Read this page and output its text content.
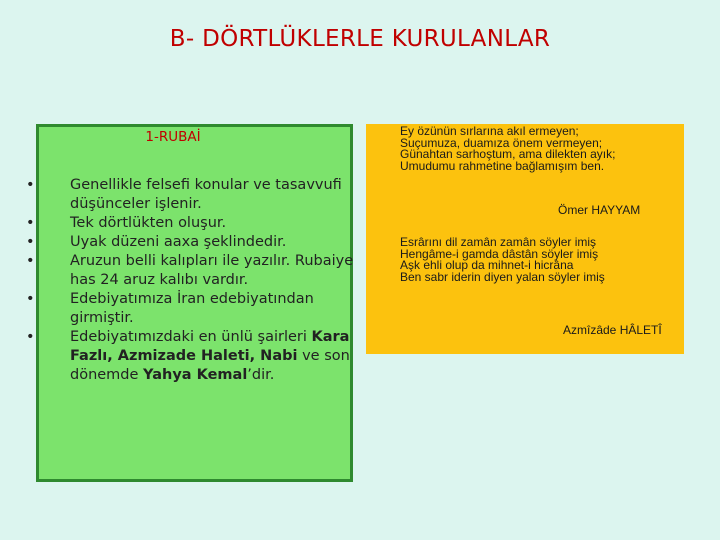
B- DÖRTLÜKLERLE KURULANLAR
1-RUBAİ
• Genellikle felsefi konular ve tasavvufi düşünceler işlenir.
• Tek dörtlükten oluşur.
• Uyak düzeni aaxa şeklindedir.
• Aruzun belli kalıpları ile yazılır. Rubaiye has 24 aruz kalıbı vardır.
• Edebiyatımıza İran edebiyatından girmiştir.
• Edebiyatımızdaki en ünlü şairleri Kara Fazlı, Azmizade Haleti, Nabi ve son dönemde Yahya Kemal’dir.
Ey özünün sırlarına akıl ermeyen;
Suçumuza, duamıza önem vermeyen;
Günahtan sarhoştum, ama dilekten ayık;
Umudumu rahmetine bağlamışım ben.
Ömer HAYYAM
Esrârını dil zamân zamân söyler imiş
Hengâme-i gamda dâstân söyler imiş
Aşk ehli olup da mihnet-i hicrâna
Ben sabr iderin diyen yalan söyler imiş
Azmîzâde HÂLETÎ
